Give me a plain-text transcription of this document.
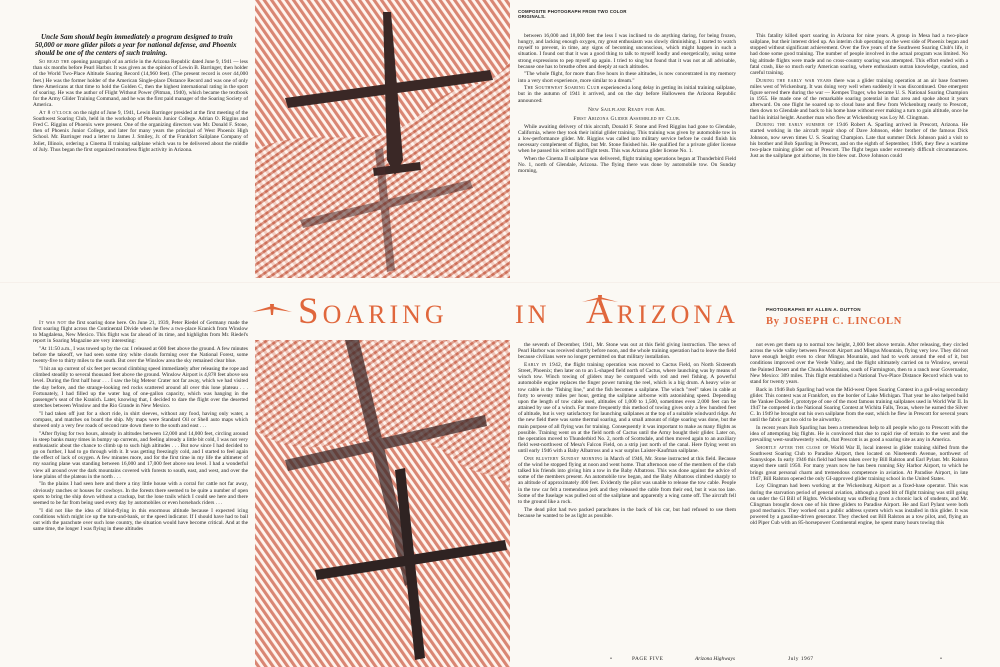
Uncle Sam should begin immediately a program designed to train 50,000 or more glider pilots a year for national defense, and Phoenix should be one of the centers of such training.

So read the opening paragraph of an article in the Arizona Republic dated June 9, 1941 — less than six months before Pearl Harbor. It was given as the opinion of Lewin B. Barringer, then holder of the World Two-Place Altitude Soaring Record (14,960 feet). (The present record is over 44,000 feet.) He was the former holder of the American Single-place Distance Record and was one of only three Americans at that time to hold the Golden C, then the highest international rating in the sport of soaring. He was the author of Flight Without Power (Pitman, 1940), which became the textbook for the Army Glider Training Command, and he was the first paid manager of the Soaring Society of America.

At 8 o'clock on the night of June 9, 1941, Lewin Barringer presided at the first meeting of the Southwest Soaring Club, held in the workshop of Phoenix Junior College. Adrian O. Riggins and Fred C. Riggins of Phoenix were present. One of the organizing directors was Mr. Donald F. Stone, then of Phoenix Junior College, and later for many years the principal of West Phoenix High School. Mr. Barringer read a letter to James J. Smiley, Jr. of the Frankfort Sailplane Company of Joliet, Illinois, ordering a Cinema II training sailplane which was to be delivered about the middle of July. Thus began the first organized motorless flight activity in Arizona.

It was not the first soaring done here. On June 21, 1939, Peter Riedel of Germany made the first soaring flight across the Continental Divide when he flew a two-place Kranich from Winslow to Magdalena, New Mexico. This flight was far ahead of its time, and highlights from Mr. Riedel's report in Soaring Magazine are very interesting:

"At 11:50 a.m., I was towed up by the car. I released at 600 feet above the ground. A few minutes before the takeoff, we had seen some tiny white clouds forming over the National Forest, some twenty-five to thirty miles to the south. But over the Winslow area the sky remained clear blue.

"I hit an up current of six feet per second climbing speed immediately after releasing the rope and climbed steadily to several thousand feet above the ground. Winslow Airport is 4,878 feet above sea level. During the first half hour . . . I saw the big Meteor Crater not far away, which we had visited the day before, and the strange-looking red rocks scattered around all over this lone plateau . . . Fortunately, I had filled up the water bag of one-gallon capacity, which was hanging in the passenger's seat of the Kranich. Later, knowing that, I decided to dare the flight over the deserted stretches between Winslow and the Rio Grande in New Mexico.

"I had taken off just for a short ride, in shirt sleeves, without any food, having only water, a compass, and matches on board the ship. My maps were Standard Oil or Shell auto maps which showed only a very few roads of second rate down there to the south and east . . .

"After flying for two hours, already in altitudes between 12,000 and 14,000 feet, circling around in steep banks many times in bumpy up currents, and feeling already a little bit cold, I was not very enthusiastic about the chance to climb up to such high altitudes . . . But now since I had decided to go on further, I had to go through with it. It was getting freezingly cold, and I started to feel again the effect of lack of oxygen. A few minutes more, and for the first time in my life the altimeter of my soaring plane was standing between 16,000 and 17,000 feet above sea level. I had a wonderful view all around over the dark mountains covered with forests to south, east, and west, and over the lone plains of the plateau in the north . . .

"In the plains I had seen here and there a tiny little house with a corral for cattle not far away, obviously ranches or houses for cowboys. In the forests there seemed to be quite a number of open spots to bring the ship down without a crackup, but the lone trails which I could see here and there seemed to be far from being used every day by automobiles or even horseback riders . . .

"I did not like the idea of blind-flying in this enormous altitude because I expected icing conditions which might ice up the turn-and-bank, or the speed indicator. If I should have had to bail out with the parachute over such lone country, the situation would have become critical. And at the same time, the longer I was flying in these altitudes

COMPOSITE PHOTOGRAPH FROM TWO COLOR ORIGINALS.

between 16,000 and 18,000 feet the less I was inclined to do anything daring, for being frozen, hungry, and lacking enough oxygen, my great enthusiasm was slowly diminishing. I started to watch myself to prevent, in time, any signs of becoming unconscious, which might happen in such a situation. I found out that it was a good thing to talk to myself loudly and energetically, using some strong expressions to pep myself up again. I tried to sing but found that it was not at all advisable, because one has to breathe often and deeply at such altitudes.

"The whole flight, for more than five hours in these altitudes, is now concentrated in my memory into a very short experience, more similar to a dream."

The Southwest Soaring Club experienced a long delay in getting its initial training sailplane, but in the autumn of 1941 it arrived, and on the day before Halloween the Arizona Republic announced:

New Sailplane Ready for Air.

First Arizona Glider Assembled by Club.

While awaiting delivery of this aircraft, Donald F. Stone and Fred Riggins had gone to Glendale, California, where they took their initial glider training. This training was given by automobile tow in a low-performance glider. Mr. Riggins was called into military service before he could finish his necessary complement of flights, but Mr. Stone finished his. He qualified for a private glider license when he passed his written and flight tests. This was Arizona glider license No. 1.

When the Cinema II sailplane was delivered, flight training operations began at Thunderbird Field No. 1, north of Glendale, Arizona. The flying there was done by automobile tow. On Sunday morning,

This fatality killed sport soaring in Arizona for nine years. A group in Mesa had a two-place sailplane, but their interest dried up. An interim club operating on the west side of Phoenix began and stopped without significant achievement. Over the five years of the Southwest Soaring Club's life, it had done some good training. The number of people involved in the actual program was limited. No big altitude flights were made and no cross-country soaring was attempted. This effort ended with a fatal crash, like so much early American soaring, where enthusiasm outran knowledge, caution, and careful training.

During the early war years there was a glider training operation at an air base fourteen miles west of Wickenburg. It was doing very well when suddenly it was discontinued. One emergent figure served there during the war — Kempes Trager, who became U. S. National Soaring Champion in 1955. He made one of the remarkable soaring potential in that area and spoke about it years afterward. On one flight he soared up to cloud base and flew from Wickenburg nearly to Prescott, then down to Glendale and back to his home base without ever making a turn to gain altitude, once he had his initial height. Another man who flew at Wickenburg was Loy M. Clingman.

During the early summer of 1946 Robert A. Sparling arrived in Prescott, Arizona. He started working in the aircraft repair shop of Dave Johnson, elder brother of the famous Dick Johnson, now seven times U. S. Soaring Champion. Late that summer Dick Johnson paid a visit to his brother and Bob Sparling in Prescott, and on the eighth of September, 1946, they flew a wartime two-place training glider out of Prescott. The flight began under extremely difficult circumstances. Just as the sailplane got airborne, its tire blew out. Dove Johnson could

Soaring in Arizona	PHOTOGRAPHS BY ALLEN A. DUTTON
By JOSEPH C. LINCOLN

the seventh of December, 1941, Mr. Stone was out at this field giving instruction. The news of Pearl Harbor was received shortly before noon, and the whole training operation had to leave the field because civilians were no longer permitted on that military installation.

Early in 1942, the flight training operation was moved to Cactus Field, on North Sixteenth Street, Phoenix; then later on to an L-shaped field north of Cactus, where launching was by means of winch tow. Winch towing of gliders may be compared with rod and reel fishing. A powerful automobile engine replaces the finger power turning the reel, which is a big drum. A heavy wire or tow cable is the "fishing line," and the fish becomes a sailplane. The winch "reel" takes in cable at forty to seventy miles per hour, getting the sailplane airborne with astonishing speed. Depending upon the length of tow cable used, altitudes of 1,000 to 1,500, sometimes even 2,000 feet can be attained by use of a winch. Far more frequently this method of towing gives only a few hundred feet of altitude, but is very satisfactory for launching sailplanes at the top of a suitable windward ridge. At the new field there was some thermal soaring, and a small amount of ridge soaring was done, but the main purpose of all flying was for training. Consequently it was important to make as many flights as possible. Training went on at the field north of Cactus until the Army bought their glider. Later on, the operation moved to Thunderbird No. 2, north of Scottsdale, and then moved again to an auxiliary field west-northwest of Mesa's Falcon Field, on a strip just north of the canal. Here flying went on until early 1946 with a Baby Albatross and a war surplus Laister-Kaufman sailplane.

One blustery Sunday morning in March of 1946, Mr. Stone instructed at this field. Because of the wind he stopped flying at noon and went home. That afternoon one of the members of the club talked his friends into giving him a tow in the Baby Albatross. This was done against the advice of some of the members present. An automobile tow began, and the Baby Albatross climbed sharply to an altitude of approximately 400 feet. Evidently the pilot was unable to release the tow cable. People in the tow car felt a tremendous jerk and they released the cable from their end, but it was too late. Some of the fuselage was pulled out of the sailplane and apparently a wing came off. The aircraft fell to the ground like a rock.

The dead pilot had two packed parachutes in the back of his car, but had refused to use them because he wanted to be as light as possible.

not even get them up to normal tow height, 2,000 feet above terrain. After releasing, they circled across the wide valley between Prescott Airport and Mingus Mountain, flying very low. They did not have enough height even to clear Mingus Mountain, and had to work around the end of it, but conditions improved over the Verde Valley, and the flight ultimately carried on to Winslow, several the Painted Desert and the Chuska Mountains, south of Farmington, then to a ranch near Governador, New Mexico: 309 miles. This flight established a National Two-Place Distance Record which was to stand for twenty years.

Back in 1946 Bob Sparling had won the Mid-west Open Soaring Contest in a gull-wing secondary glider. This contest was at Frankfort, on the border of Lake Michigan. That year he also helped build the Yankee Doodle I, prototype of one of the most famous training sailplanes used in World War II. In 1947 he competed in the National Soaring Contest at Wichita Falls, Texas, where he earned the Silver C. In 1949 he brought out his own sailplane from the east, which he flew in Prescott for several years until the fabric got too old to be airworthy.

In recent years Bob Sparling has been a tremendous help to all people who go to Prescott with the idea of attempting big flights. He is convinced that due to rapid rise of terrain to the west and the prevailing west-southwesterly winds, that Prescott is as good a soaring site as any in America.

Shortly after the close of World War II, local interest in glider training shifted from the Southwest Soaring Club to Paradise Airport, then located on Nineteenth Avenue, northwest of Sunnyslope. In early 1946 this field had been taken over by Bill Ralston and Earl Pylant. Mr. Ralston stayed there until 1950. For many years now he has been running Sky Harbor Airport, to which he brings great personal charm and tremendous competence in aviation. At Paradise Airport, in late 1947, Bill Ralston opened the only GI-approved glider training school in the United States.

Loy Clingman had been working at the Wickenburg Airport as a fixed-base operator. This was during the starvation period of general aviation, although a good bit of flight training was still going on under the GI Bill of Rights. Wickenburg was suffering from a chronic lack of students, and Mr. Clingman brought down one of his three gliders to Paradise Airport. He and Earl Pylant were both good mechanics. They worked out a public address system which was installed in this glider. It was powered by a gasoline-driven generator. They checked out Bill Ralston as a tow pilot, and, flying an old Piper Cub with an 85-horsepower Continental engine, he spent many hours towing this

•	PAGE FIVE	Arizona Highways	July 1967	•
